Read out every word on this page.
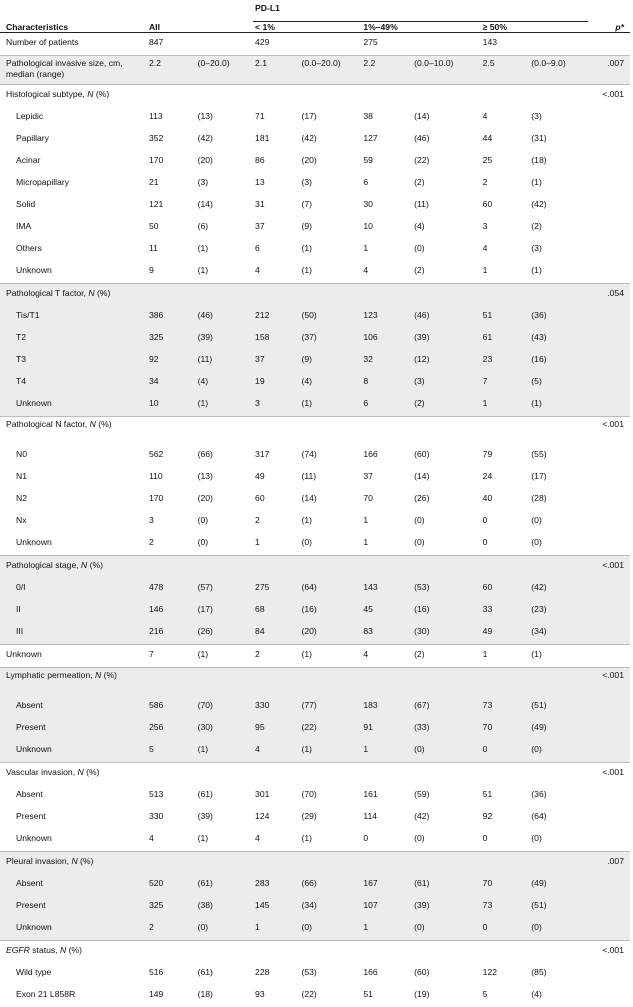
			PD-L1						
Characteristics	All		< 1%		1%–49%		≥ 50%		p*
Number of patients	847		429		275		143		
Pathological invasive size, cm, median (range)	2.2	(0–20.0)	2.1	(0.0–20.0)	2.2	(0.0–10.0)	2.5	(0.0–9.0)	.007
Histological subtype, N (%)									<.001
Lepidic	113	(13)	71	(17)	38	(14)	4	(3)	
Papillary	352	(42)	181	(42)	127	(46)	44	(31)	
Acinar	170	(20)	86	(20)	59	(22)	25	(18)	
Micropapillary	21	(3)	13	(3)	6	(2)	2	(1)	
Solid	121	(14)	31	(7)	30	(11)	60	(42)	
IMA	50	(6)	37	(9)	10	(4)	3	(2)	
Others	11	(1)	6	(1)	1	(0)	4	(3)	
Unknown	9	(1)	4	(1)	4	(2)	1	(1)	
Pathological T factor, N (%)									.054
Tis/T1	386	(46)	212	(50)	123	(46)	51	(36)	
T2	325	(39)	158	(37)	106	(39)	61	(43)	
T3	92	(11)	37	(9)	32	(12)	23	(16)	
T4	34	(4)	19	(4)	8	(3)	7	(5)	
Unknown	10	(1)	3	(1)	6	(2)	1	(1)	
Pathological N factor, N (%)									<.001
N0	562	(66)	317	(74)	166	(60)	79	(55)	
N1	110	(13)	49	(11)	37	(14)	24	(17)	
N2	170	(20)	60	(14)	70	(26)	40	(28)	
Nx	3	(0)	2	(1)	1	(0)	0	(0)	
Unknown	2	(0)	1	(0)	1	(0)	0	(0)	
Pathological stage, N (%)									<.001
0/I	478	(57)	275	(64)	143	(53)	60	(42)	
II	146	(17)	68	(16)	45	(16)	33	(23)	
III	216	(26)	84	(20)	83	(30)	49	(34)	
Unknown	7	(1)	2	(1)	4	(2)	1	(1)	
Lymphatic permeation, N (%)									<.001
Absent	586	(70)	330	(77)	183	(67)	73	(51)	
Present	256	(30)	95	(22)	91	(33)	70	(49)	
Unknown	5	(1)	4	(1)	1	(0)	0	(0)	
Vascular invasion, N (%)									<.001
Absent	513	(61)	301	(70)	161	(59)	51	(36)	
Present	330	(39)	124	(29)	114	(42)	92	(64)	
Unknown	4	(1)	4	(1)	0	(0)	0	(0)	
Pleural invasion, N (%)									.007
Absent	520	(61)	283	(66)	167	(61)	70	(49)	
Present	325	(38)	145	(34)	107	(39)	73	(51)	
Unknown	2	(0)	1	(0)	1	(0)	0	(0)	
EGFR status, N (%)									<.001
Wild type	516	(61)	228	(53)	166	(60)	122	(85)	
Exon 21 L858R	149	(18)	93	(22)	51	(19)	5	(4)	
